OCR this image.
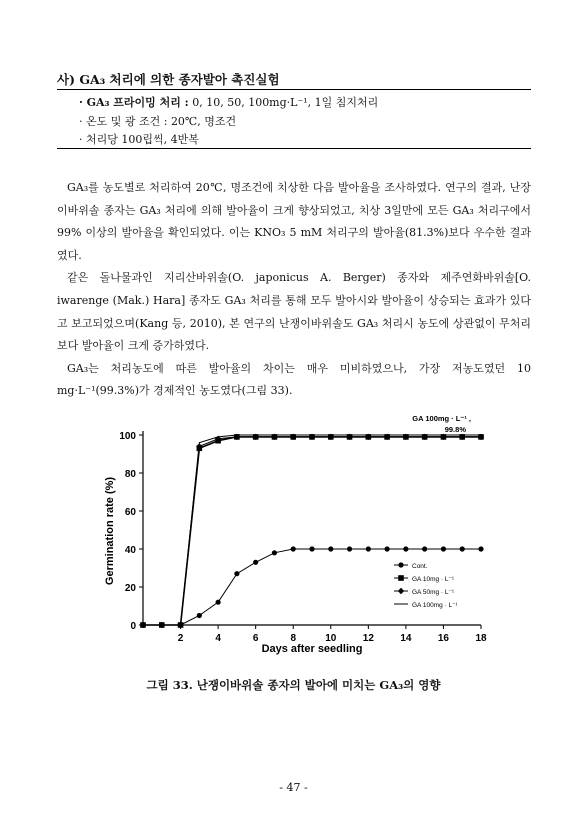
사) GA₃ 처리에 의한 종자발아 촉진실험
· GA₃ 프라이밍 처리 : 0, 10, 50, 100mg·L⁻¹, 1일 침지처리
· 온도 및 광 조건 : 20℃, 명조건
· 처리당 100립씩, 4반복

GA₃를 농도별로 처리하여 20℃, 명조건에 치상한 다음 발아율을 조사하였다. 연구의 결과, 난장이바위솔 종자는 GA₃ 처리에 의해 발아율이 크게 향상되었고, 치상 3일만에 모든 GA₃ 처리구에서 99% 이상의 발아율을 확인되었다. 이는 KNO₃ 5 mM 처리구의 발아율(81.3%)보다 우수한 결과였다.

같은 돌나물과인 지리산바위솔(O. japonicus A. Berger) 종자와 제주연화바위솔[O. iwarenge (Mak.) Hara] 종자도 GA₃ 처리를 통해 모두 발아시와 발아율이 상승되는 효과가 있다고 보고되었으며(Kang 등, 2010), 본 연구의 난쟁이바위솔도 GA₃ 처리시 농도에 상관없이 무처리보다 발아율이 크게 증가하였다.

GA₃는 처리농도에 따른 발아율의 차이는 매우 미비하였으나, 가장 저농도였던 10 mg·L⁻¹(99.3%)가 경제적인 농도였다(그림 33).

0
20
40
60
80
100
2	4	6	8	10	12	14	16	18
Germination rate (%)
Days after seedling
GA 100mg · L⁻¹ ,
99.8%
Cont.
GA 10mg · L⁻¹
GA 50mg · L⁻¹
GA 100mg · L⁻¹
그림 33. 난쟁이바위솔 종자의 발아에 미치는 GA₃의 영향
- 47 -
